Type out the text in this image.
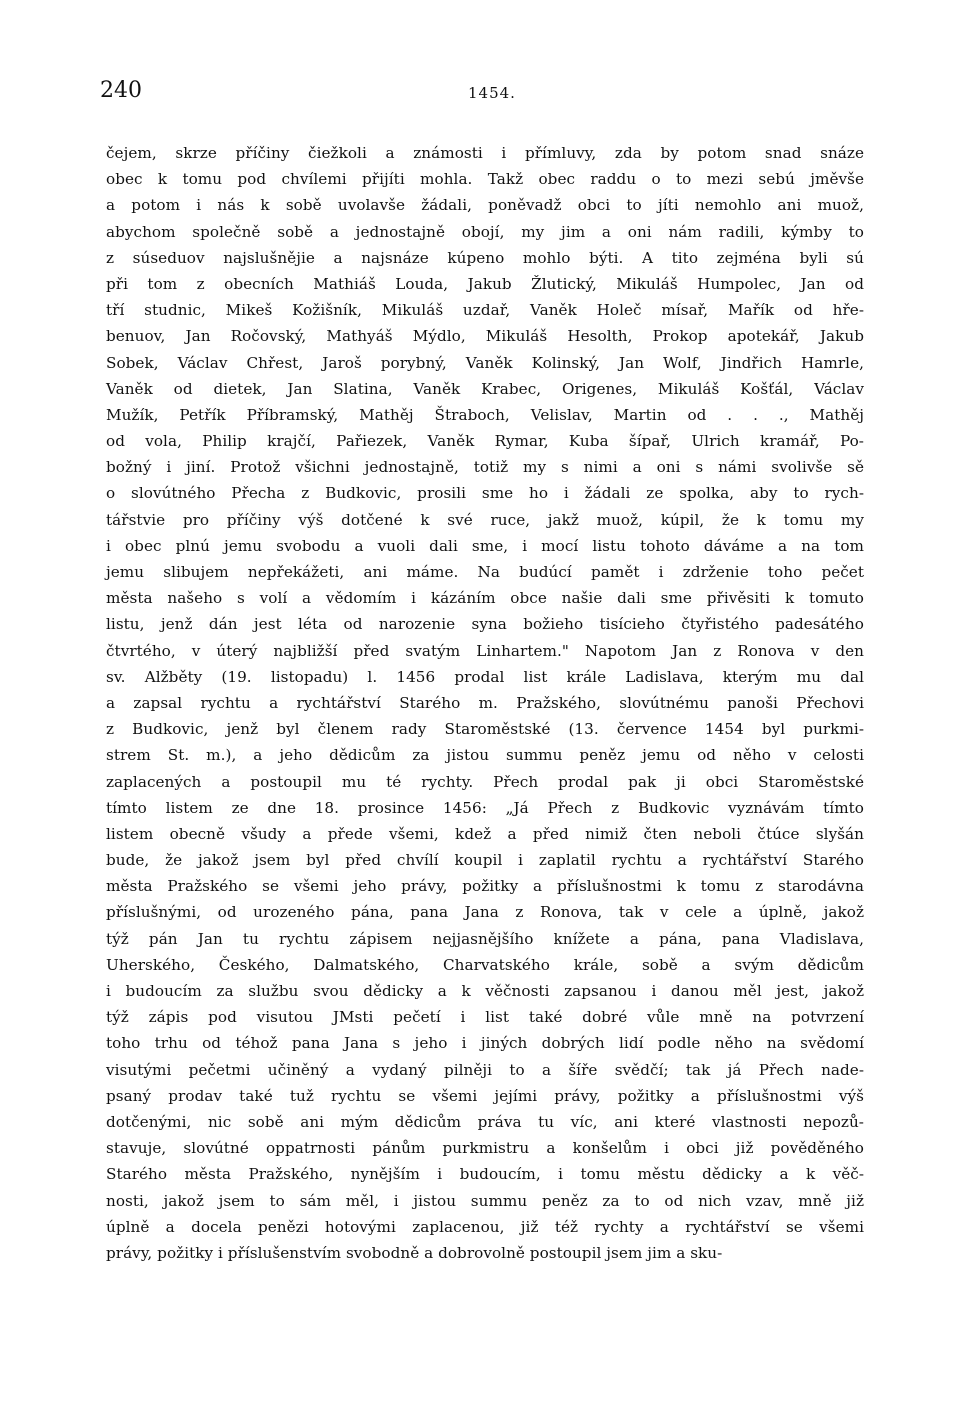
240	1454.
čejem, skrze příčiny čiežkoli a známosti i přímluvy, zda by potom snad snáze
obec k tomu pod chvílemi přijíti mohla. Takž obec raddu o to mezi sebú jměvše
a potom i nás k sobě uvolavše žádali, poněvadž obci to jíti nemohlo ani muož,
abychom společně sobě a jednostajně obojí, my jim a oni nám radili, kýmby to
z súseduov najslušnějie a najsnáze kúpeno mohlo býti. A tito zejména byli sú
při tom z obecních Mathiáš Louda, Jakub Žlutický, Mikuláš Humpolec, Jan od
tří studnic, Mikeš Kožišník, Mikuláš uzdař, Vaněk Holeč mísař, Mařík od hře-
benuov, Jan Ročovský, Mathyáš Mýdlo, Mikuláš Hesolth, Prokop apotekář, Jakub
Sobek, Václav Chřest, Jaroš porybný, Vaněk Kolinský, Jan Wolf, Jindřich Hamrle,
Vaněk od dietek, Jan Slatina, Vaněk Krabec, Origenes, Mikuláš Košťál, Václav
Mužík, Petřík Příbramský, Mathěj Štraboch, Velislav, Martin od . . ., Mathěj
od vola, Philip krajčí, Pařiezek, Vaněk Rymar, Kuba šípař, Ulrich kramář, Po-
božný i jiní. Protož všichni jednostajně, totiž my s nimi a oni s námi svolivše sě
o slovútného Přecha z Budkovic, prosili sme ho i žádali ze spolka, aby to rych-
tářstvie pro příčiny výš dotčené k své ruce, jakž muož, kúpil, že k tomu my
i obec plnú jemu svobodu a vuoli dali sme, i mocí listu tohoto dáváme a na tom
jemu slibujem nepřekážeti, ani máme. Na budúcí pamět i zdrženie toho pečet
města našeho s volí a vědomím i kázáním obce našie dali sme přivěsiti k tomuto
listu, jenž dán jest léta od narozenie syna božieho tisícieho čtyřistého padesátého
čtvrtého, v úterý najbližší před svatým Linhartem." Napotom Jan z Ronova v den
sv. Alžběty (19. listopadu) l. 1456 prodal list krále Ladislava, kterým mu dal
a zapsal rychtu a rychtářství Starého m. Pražského, slovútnému panoši Přechovi
z Budkovic, jenž byl členem rady Staroměstské (13. července 1454 byl purkmi-
strem St. m.), a jeho dědicům za jistou summu peněz jemu od něho v celosti
zaplacených a postoupil mu té rychty. Přech prodal pak ji obci Staroměstské
tímto listem ze dne 18. prosince 1456: „Já Přech z Budkovic vyznávám tímto
listem obecně všudy a přede všemi, kdež a před nimiž čten neboli čtúce slyšán
bude, že jakož jsem byl před chvílí koupil i zaplatil rychtu a rychtářství Starého
města Pražského se všemi jeho právy, požitky a příslušnostmi k tomu z starodávna
příslušnými, od urozeného pána, pana Jana z Ronova, tak v cele a úplně, jakož
týž pán Jan tu rychtu zápisem nejjasnějšího knížete a pána, pana Vladislava,
Uherského, Českého, Dalmatského, Charvatského krále, sobě a svým dědicům
i budoucím za službu svou dědicky a k věčnosti zapsanou i danou měl jest, jakož
týž zápis pod visutou JMsti pečetí i list také dobré vůle mně na potvrzení
toho trhu od téhož pana Jana s jeho i jiných dobrých lidí podle něho na svědomí
visutými pečetmi učiněný a vydaný pilněji to a šíře svědčí; tak já Přech nade-
psaný prodav také tuž rychtu se všemi jejími právy, požitky a příslušnostmi výš
dotčenými, nic sobě ani mým dědicům práva tu víc, ani které vlastnosti nepozů-
stavuje, slovútné oppatrnosti pánům purkmistru a konšelům i obci již pověděného
Starého města Pražského, nynějším i budoucím, i tomu městu dědicky a k věč-
nosti, jakož jsem to sám měl, i jistou summu peněz za to od nich vzav, mně již
úplně a docela penězi hotovými zaplacenou, již též rychty a rychtářství se všemi
právy, požitky i příslušenstvím svobodně a dobrovolně postoupil jsem jim a sku-
